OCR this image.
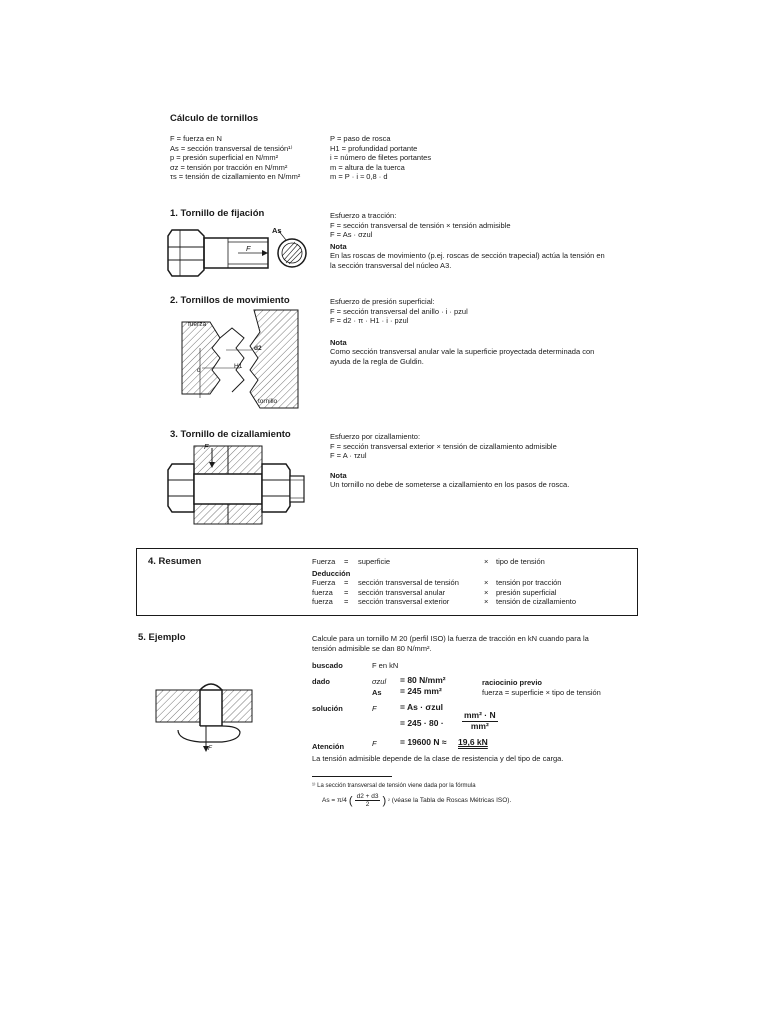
Cálculo de tornillos
F = fuerza en N
As = sección transversal de tensión¹⁾
p = presión superficial en N/mm²
σz = tensión por tracción en N/mm²
τs = tensión de cizallamiento en N/mm²
P = paso de rosca
H1 = profundidad portante
i = número de filetes portantes
m = altura de la tuerca
m = P · i ≈ 0,8 · d
1. Tornillo de fijación	Esfuerzo a tracción:
F = sección transversal de tensión × tensión admisible
F = As · σzul
Nota
En las roscas de movimiento (p.ej. roscas de sección trapecial) actúa la tensión en
la sección transversal del núcleo A3.
As
F
2. Tornillos de movimiento	Esfuerzo de presión superficial:
F = sección transversal del anillo · i · pzul
F = d2 · π · H1 · i · pzul
Nota
Como sección transversal anular vale la superficie proyectada determinada con
ayuda de la regla de Guldin.
fuerza
tornillo
d2
H1
d
3. Tornillo de cizallamiento	Esfuerzo por cizallamiento:
F = sección transversal exterior × tensión de cizallamiento admisible
F = A · τzul
Nota
Un tornillo no debe de someterse a cizallamiento en los pasos de rosca.
F
4. Resumen	Fuerza = superficie	× tipo de tensión
Deducción
Fuerza = sección transversal de tensión	× tensión por tracción
fuerza = sección transversal anular	× presión superficial
fuerza = sección transversal exterior	× tensión de cizallamiento
5. Ejemplo	Calcule para un tornillo M 20 (perfil ISO) la fuerza de tracción en kN cuando para la
tensión admisible se dan 80 N/mm².
buscado	F en kN
dado	σzul = 80 N/mm²
As = 245 mm²
raciocinio previo
fuerza = superficie × tipo de tensión
solución	F	= As · σzul
= $245 \cdot 80 \cdot \frac{\text{mm² · N}}{\text{mm²}}$
Atención	F	= 19600 N ≈ 19,6 kN
La tensión admisible depende de la clase de resistencia y del tipo de carga.
F
¹⁾ La sección transversal de tensión viene dada por la fórmula
As = π/4 ( $\frac{d2 + d3}{2}$ ) ² (véase la Tabla de Roscas Métricas ISO).
